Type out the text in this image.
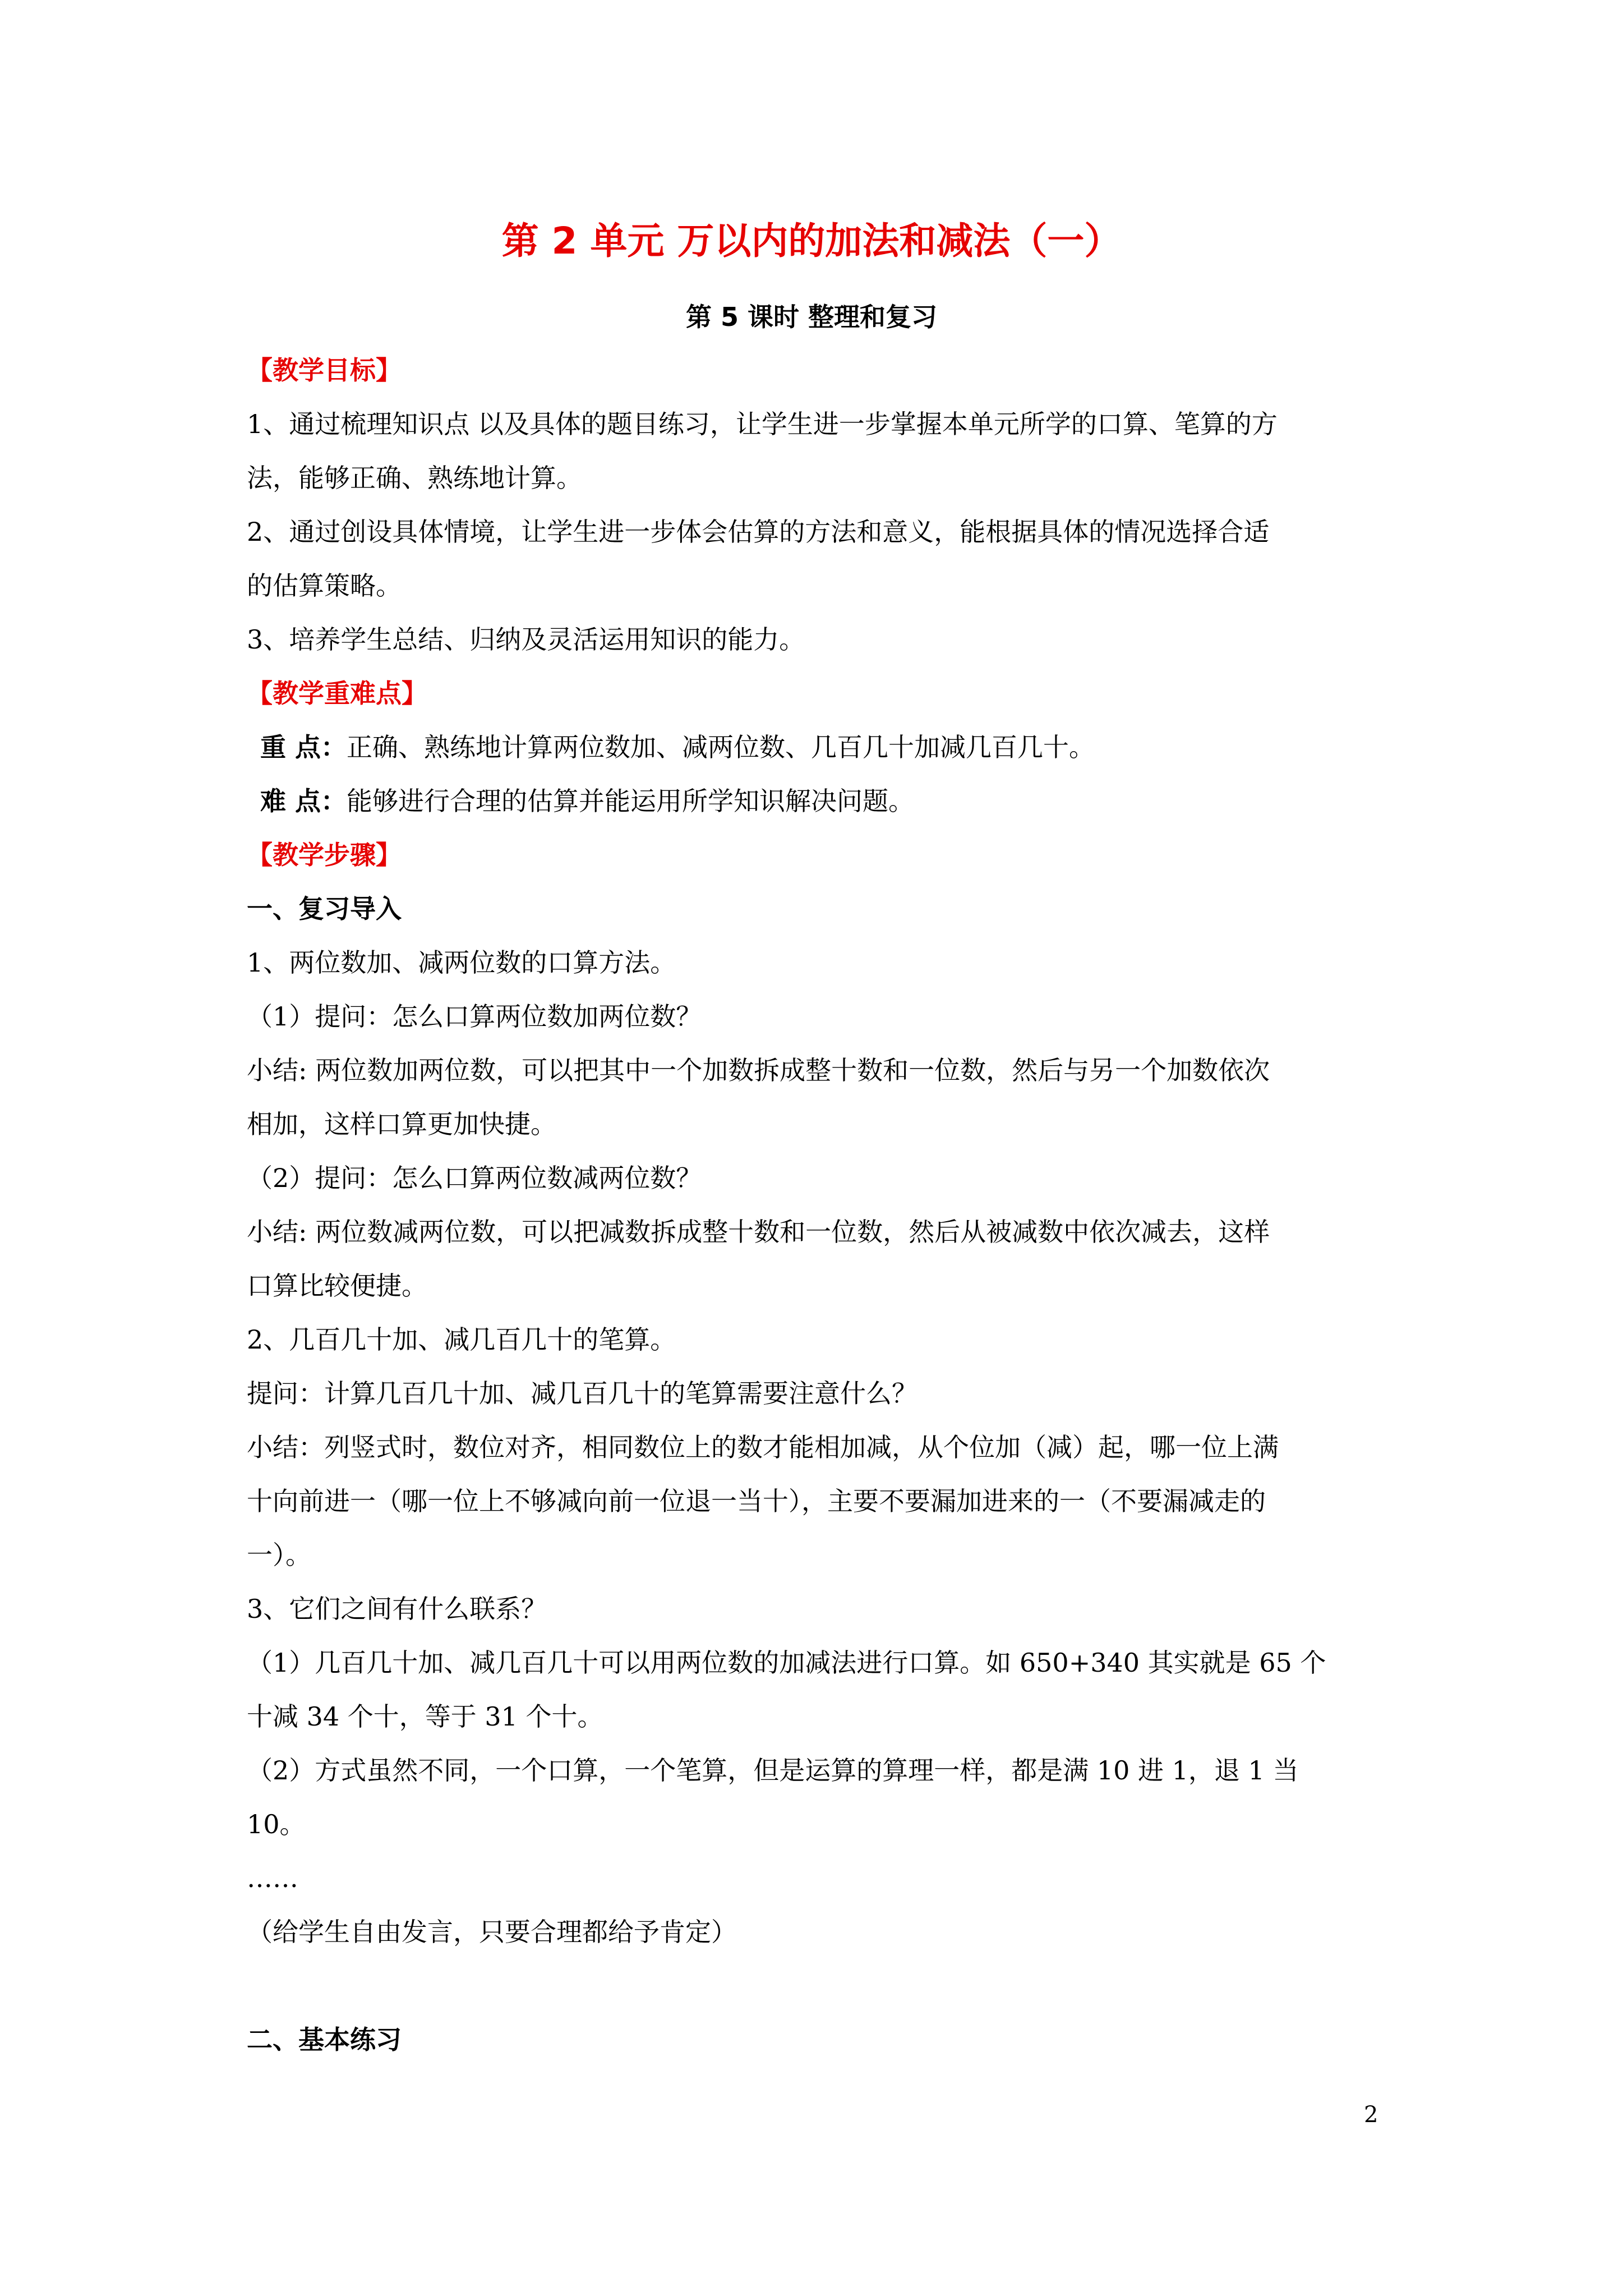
第 2 单元 万以内的加法和减法（一）
第 5 课时 整理和复习

【教学目标】

1、通过梳理知识点 以及具体的题目练习，让学生进一步掌握本单元所学的口算、笔算的方

法，能够正确、熟练地计算。

2、通过创设具体情境，让学生进一步体会估算的方法和意义，能根据具体的情况选择合适

的估算策略。

3、培养学生总结、归纳及灵活运用知识的能力。

【教学重难点】

重 点：正确、熟练地计算两位数加、减两位数、几百几十加减几百几十。

难 点：能够进行合理的估算并能运用所学知识解决问题。

【教学步骤】

一、复习导入

1、两位数加、减两位数的口算方法。

（1）提问：怎么口算两位数加两位数？

小结: 两位数加两位数，可以把其中一个加数拆成整十数和一位数，然后与另一个加数依次

相加，这样口算更加快捷。

（2）提问：怎么口算两位数减两位数？

小结: 两位数减两位数，可以把减数拆成整十数和一位数，然后从被减数中依次减去，这样

口算比较便捷。

2、几百几十加、减几百几十的笔算。

提问：计算几百几十加、减几百几十的笔算需要注意什么？

小结：列竖式时，数位对齐，相同数位上的数才能相加减，从个位加（减）起，哪一位上满

十向前进一（哪一位上不够减向前一位退一当十），主要不要漏加进来的一（不要漏减走的

一）。

3、它们之间有什么联系？

（1）几百几十加、减几百几十可以用两位数的加减法进行口算。如 650+340 其实就是 65 个

十减 34 个十，等于 31 个十。

（2）方式虽然不同，一个口算，一个笔算，但是运算的算理一样，都是满 10 进 1，退 1 当

10。

……

（给学生自由发言，只要合理都给予肯定）

二、基本练习

2
